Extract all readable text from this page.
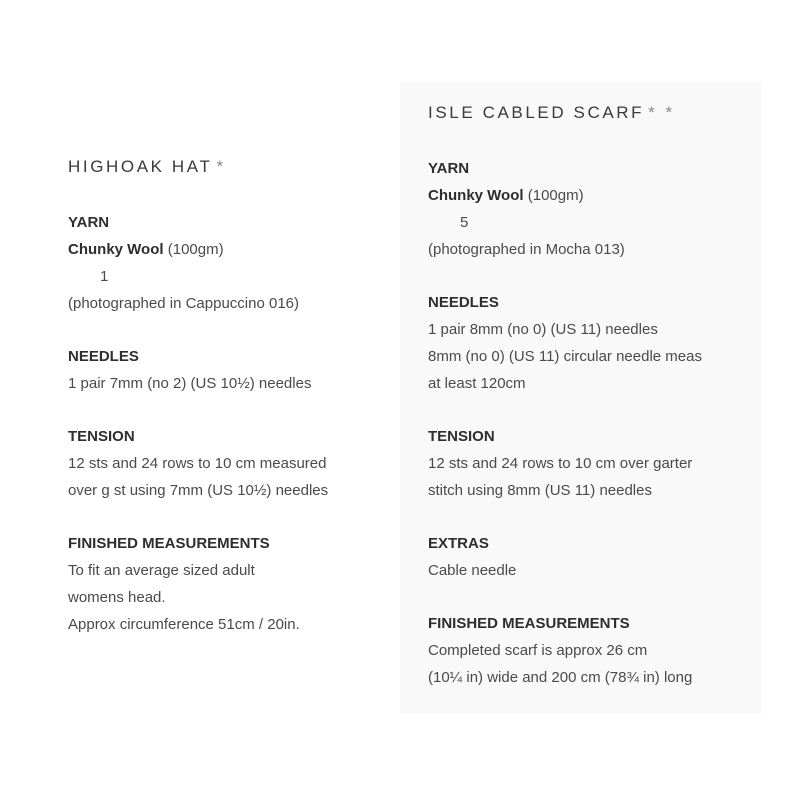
HIGHOAK HAT *
YARN
Chunky Wool (100gm)
1
(photographed in Cappuccino 016)
NEEDLES
1 pair 7mm (no 2) (US 10½) needles
TENSION
12 sts and 24 rows to 10 cm measured
over g st using 7mm (US 10½) needles
FINISHED MEASUREMENTS
To fit an average sized adult
womens head.
Approx circumference 51cm / 20in.
ISLE CABLED SCARF * *
YARN
Chunky Wool (100gm)
5
(photographed in Mocha 013)
NEEDLES
1 pair 8mm (no 0) (US 11) needles
8mm (no 0) (US 11) circular needle meas
at least 120cm
TENSION
12 sts and 24 rows to 10 cm over garter
stitch using 8mm (US 11) needles
EXTRAS
Cable needle
FINISHED MEASUREMENTS
Completed scarf is approx 26 cm
(10¼ in) wide and 200 cm (78¾ in) long
